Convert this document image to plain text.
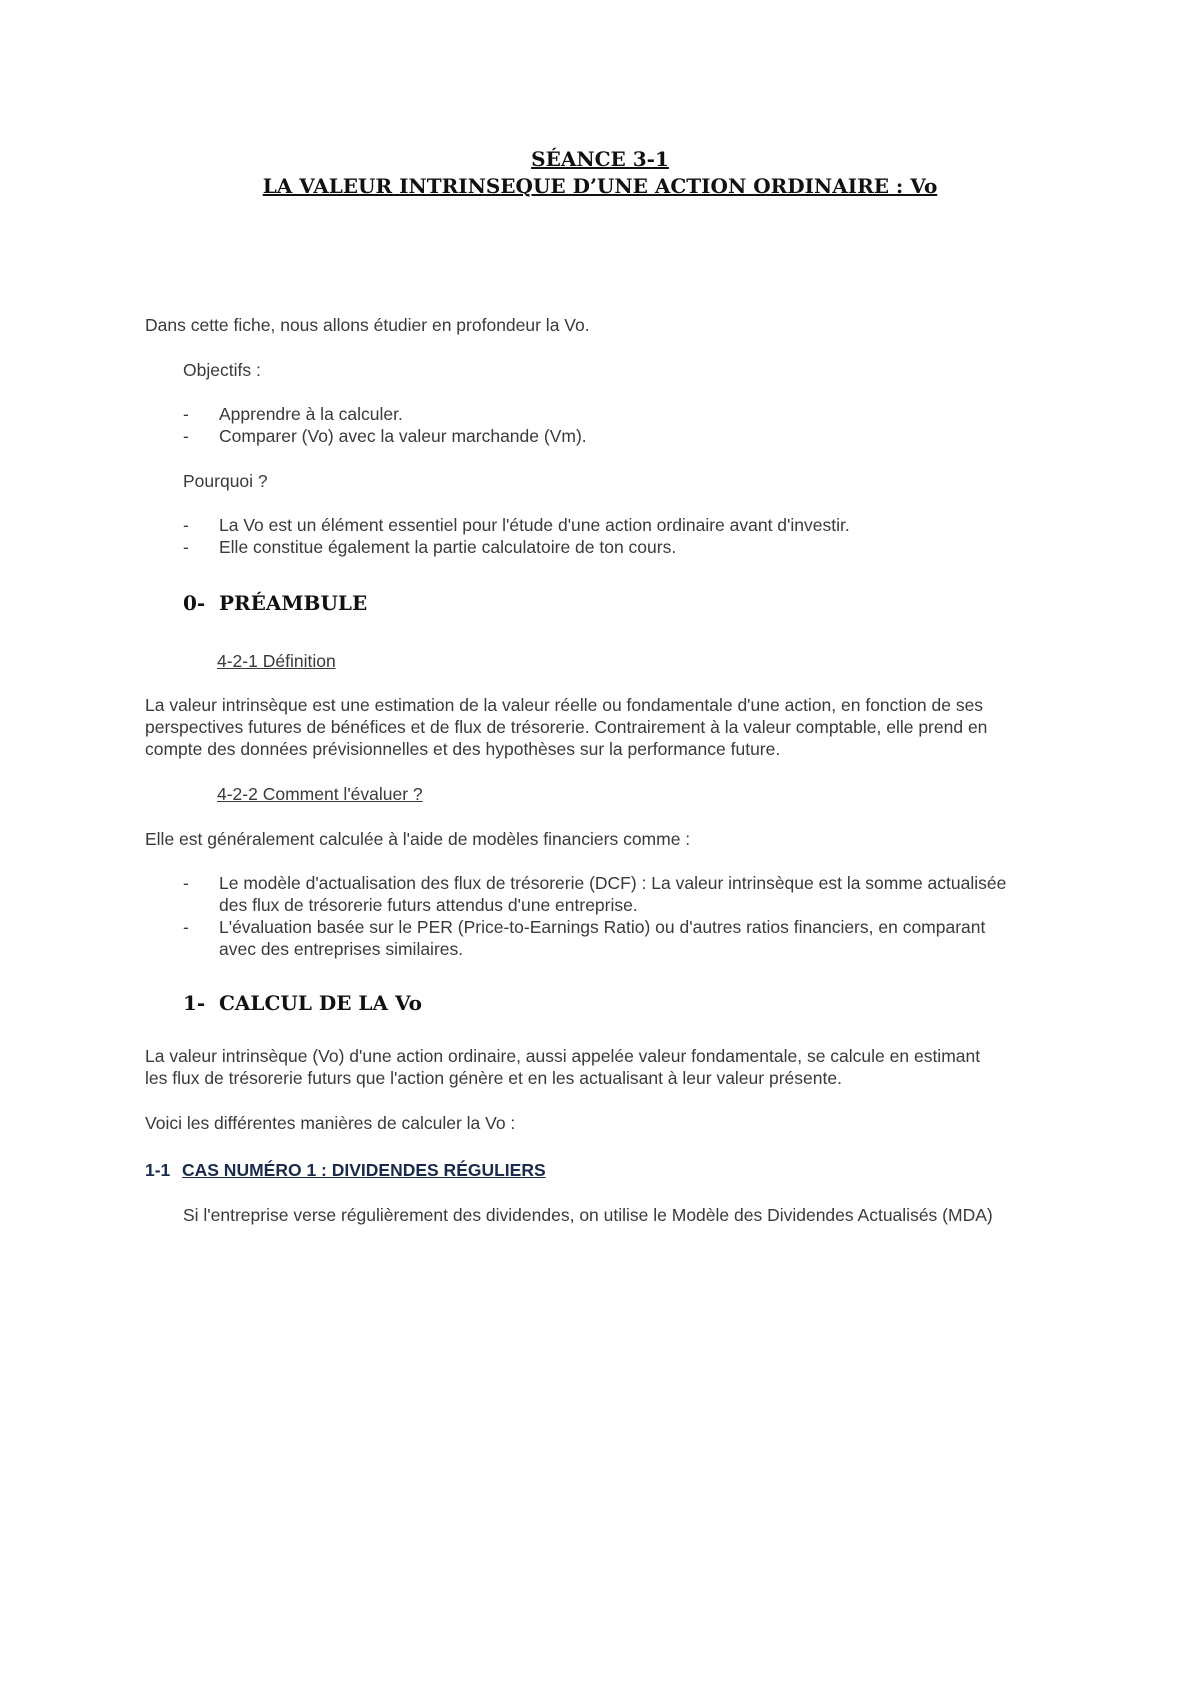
SÉANCE 3-1
LA VALEUR INTRINSEQUE D’UNE ACTION ORDINAIRE : Vo
Dans cette fiche, nous allons étudier en profondeur la Vo.
Objectifs :
- Apprendre à la calculer.
- Comparer (Vo) avec la valeur marchande (Vm).
Pourquoi ?
- La Vo est un élément essentiel pour l'étude d'une action ordinaire avant d'investir.
- Elle constitue également la partie calculatoire de ton cours.
0- PRÉAMBULE
4-2-1 Définition
La valeur intrinsèque est une estimation de la valeur réelle ou fondamentale d'une action, en fonction de ses
perspectives futures de bénéfices et de flux de trésorerie. Contrairement à la valeur comptable, elle prend en
compte des données prévisionnelles et des hypothèses sur la performance future.
4-2-2 Comment l'évaluer ?
Elle est généralement calculée à l'aide de modèles financiers comme :
- Le modèle d'actualisation des flux de trésorerie (DCF) : La valeur intrinsèque est la somme actualisée
des flux de trésorerie futurs attendus d'une entreprise.
- L'évaluation basée sur le PER (Price-to-Earnings Ratio) ou d'autres ratios financiers, en comparant
avec des entreprises similaires.
1- CALCUL DE LA Vo
La valeur intrinsèque (Vo) d'une action ordinaire, aussi appelée valeur fondamentale, se calcule en estimant
les flux de trésorerie futurs que l'action génère et en les actualisant à leur valeur présente.
Voici les différentes manières de calculer la Vo :
1-1 CAS NUMÉRO 1 : DIVIDENDES RÉGULIERS
Si l'entreprise verse régulièrement des dividendes, on utilise le Modèle des Dividendes Actualisés (MDA)
